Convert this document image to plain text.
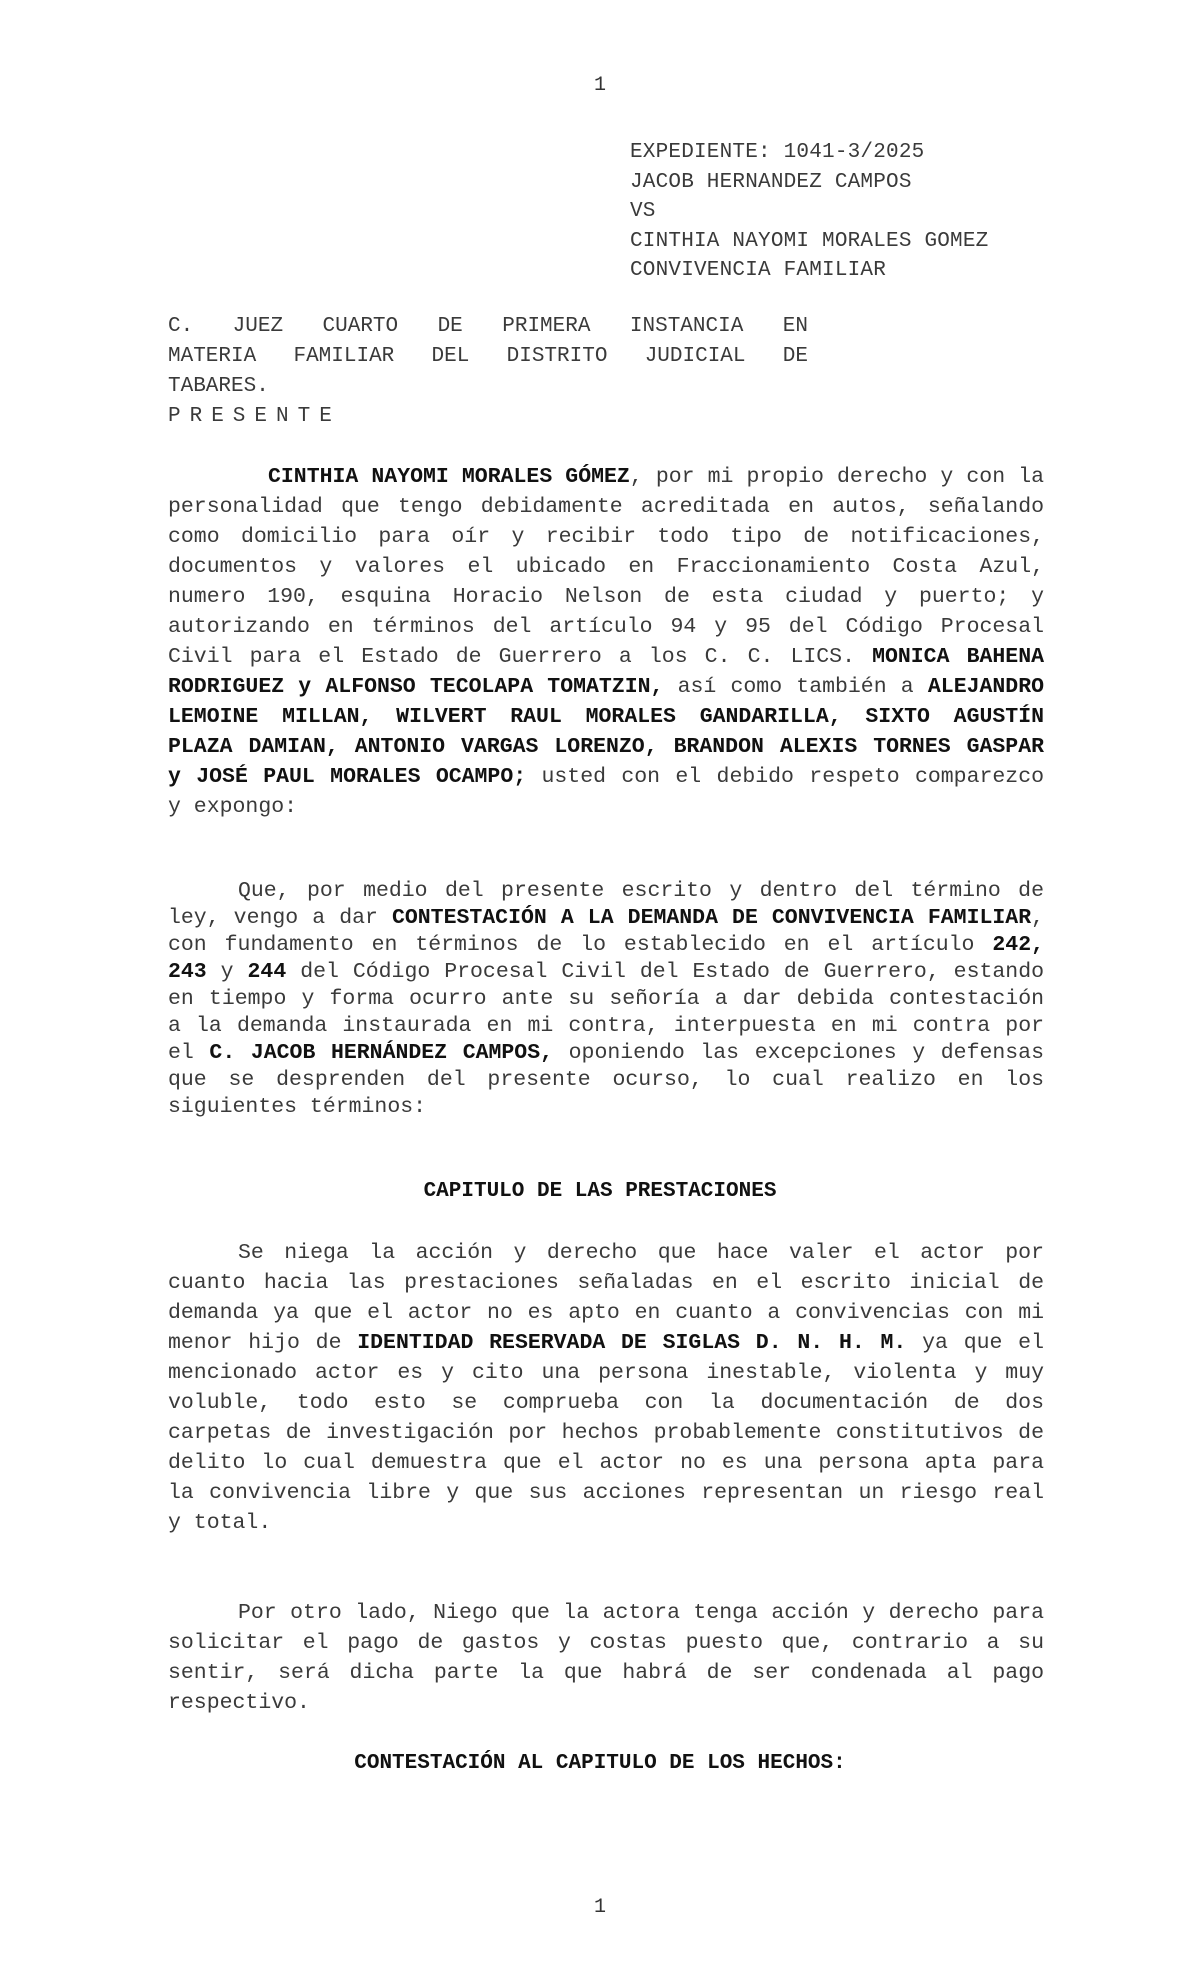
1
EXPEDIENTE: 1041-3/2025
JACOB HERNANDEZ CAMPOS
VS
CINTHIA NAYOMI MORALES GOMEZ
CONVIVENCIA FAMILIAR
C. JUEZ CUARTO DE PRIMERA INSTANCIA EN
MATERIA FAMILIAR DEL DISTRITO JUDICIAL DE
TABARES.
PRESENTE

CINTHIA NAYOMI MORALES GÓMEZ, por mi propio derecho y con la personalidad que tengo debidamente acreditada en autos, señalando como domicilio para oír y recibir todo tipo de notificaciones, documentos y valores el ubicado en Fraccionamiento Costa Azul, numero 190, esquina Horacio Nelson de esta ciudad y puerto; y autorizando en términos del artículo 94 y 95 del Código Procesal Civil para el Estado de Guerrero a los C. C. LICS. MONICA BAHENA RODRIGUEZ y ALFONSO TECOLAPA TOMATZIN, así como también a ALEJANDRO LEMOINE MILLAN, WILVERT RAUL MORALES GANDARILLA, SIXTO AGUSTÍN PLAZA DAMIAN, ANTONIO VARGAS LORENZO, BRANDON ALEXIS TORNES GASPAR y JOSÉ PAUL MORALES OCAMPO; usted con el debido respeto comparezco y expongo:

Que, por medio del presente escrito y dentro del término de ley, vengo a dar CONTESTACIÓN A LA DEMANDA DE CONVIVENCIA FAMILIAR, con fundamento en términos de lo establecido en el artículo 242, 243 y 244 del Código Procesal Civil del Estado de Guerrero, estando en tiempo y forma ocurro ante su señoría a dar debida contestación a la demanda instaurada en mi contra, interpuesta en mi contra por el C. JACOB HERNÁNDEZ CAMPOS, oponiendo las excepciones y defensas que se desprenden del presente ocurso, lo cual realizo en los siguientes términos:

CAPITULO DE LAS PRESTACIONES

Se niega la acción y derecho que hace valer el actor por cuanto hacia las prestaciones señaladas en el escrito inicial de demanda ya que el actor no es apto en cuanto a convivencias con mi menor hijo de IDENTIDAD RESERVADA DE SIGLAS D. N. H. M. ya que el mencionado actor es y cito una persona inestable, violenta y muy voluble, todo esto se comprueba con la documentación de dos carpetas de investigación por hechos probablemente constitutivos de delito lo cual demuestra que el actor no es una persona apta para la convivencia libre y que sus acciones representan un riesgo real y total.

Por otro lado, Niego que la actora tenga acción y derecho para solicitar el pago de gastos y costas puesto que, contrario a su sentir, será dicha parte la que habrá de ser condenada al pago respectivo.

CONTESTACIÓN AL CAPITULO DE LOS HECHOS:
1
